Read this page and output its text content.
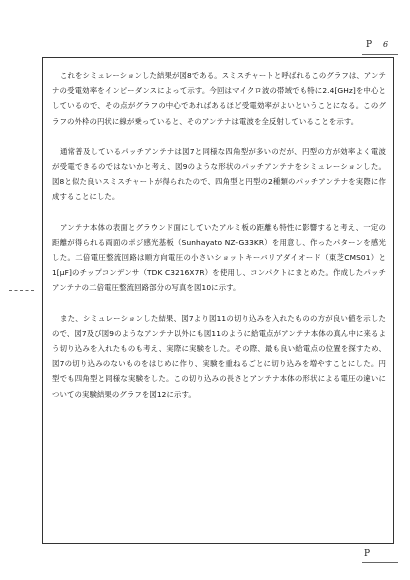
P 6

これをシミュレーションした結果が図8である。スミスチャートと呼ばれるこのグラフは、アンテナの受電効率をインピーダンスによって示す。今回はマイクロ波の帯域でも特に2.4[GHz]を中心としているので、その点がグラフの中心であればあるほど受電効率がよいということになる。このグラフの外枠の円状に線が乗っていると、そのアンテナは電波を全反射していることを示す。

通常普及しているパッチアンテナは図7と同様な四角型が多いのだが、円型の方が効率よく電波が受電できるのではないかと考え、図9のような形状のパッチアンテナをシミュレーションした。図8と似た良いスミスチャートが得られたので、四角型と円型の2種類のパッチアンテナを実際に作成することにした。

アンテナ本体の表面とグラウンド面にしていたアルミ板の距離も特性に影響すると考え、一定の距離が得られる両面のポジ感光基板（Sunhayato NZ-G33KR）を用意し、作ったパターンを感光した。二倍電圧整流回路は順方向電圧の小さいショットキーバリアダイオード（東芝CMS01）と1[μF]のチップコンデンサ（TDK C3216X7R）を使用し、コンパクトにまとめた。作成したパッチアンテナの二倍電圧整流回路部分の写真を図10に示す。

また、シミュレーションした結果、図7より図11の切り込みを入れたものの方が良い値を示したので、図7及び図9のようなアンテナ以外にも図11のように給電点がアンテナ本体の真ん中に来るよう切り込みを入れたものも考え、実際に実験をした。その際、最も良い給電点の位置を探すため、図7の切り込みのないものをはじめに作り、実験を重ねるごとに切り込みを増やすことにした。円型でも四角型と同様な実験をした。この切り込みの長さとアンテナ本体の形状による電圧の違いについての実験結果のグラフを図12に示す。

P
